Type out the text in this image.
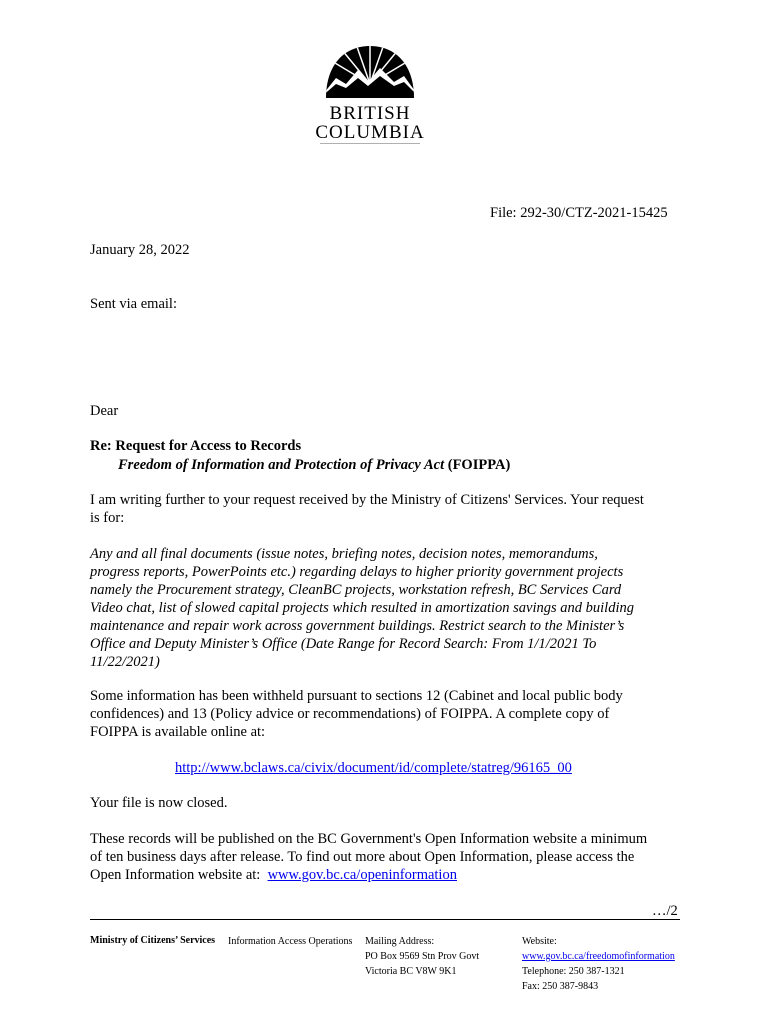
BRITISH
COLUMBIA
File: 292-30/CTZ-2021-15425
January 28, 2022
Sent via email:
Dear
Re: Request for Access to Records
Freedom of Information and Protection of Privacy Act (FOIPPA)
I am writing further to your request received by the Ministry of Citizens' Services. Your request
is for:
Any and all final documents (issue notes, briefing notes, decision notes, memorandums,
progress reports, PowerPoints etc.) regarding delays to higher priority government projects
namely the Procurement strategy, CleanBC projects, workstation refresh, BC Services Card
Video chat, list of slowed capital projects which resulted in amortization savings and building
maintenance and repair work across government buildings. Restrict search to the Minister’s
Office and Deputy Minister’s Office (Date Range for Record Search: From 1/1/2021 To
11/22/2021)
Some information has been withheld pursuant to sections 12 (Cabinet and local public body
confidences) and 13 (Policy advice or recommendations) of FOIPPA. A complete copy of
FOIPPA is available online at:
http://www.bclaws.ca/civix/document/id/complete/statreg/96165_00
Your file is now closed.
These records will be published on the BC Government's Open Information website a minimum
of ten business days after release. To find out more about Open Information, please access the
Open Information website at:  www.gov.bc.ca/openinformation
…/2
Ministry of Citizens’ Services Information Access Operations Mailing Address:
PO Box 9569 Stn Prov Govt
Victoria BC V8W 9K1
Website:
www.gov.bc.ca/freedomofinformation
Telephone: 250 387-1321
Fax: 250 387-9843
